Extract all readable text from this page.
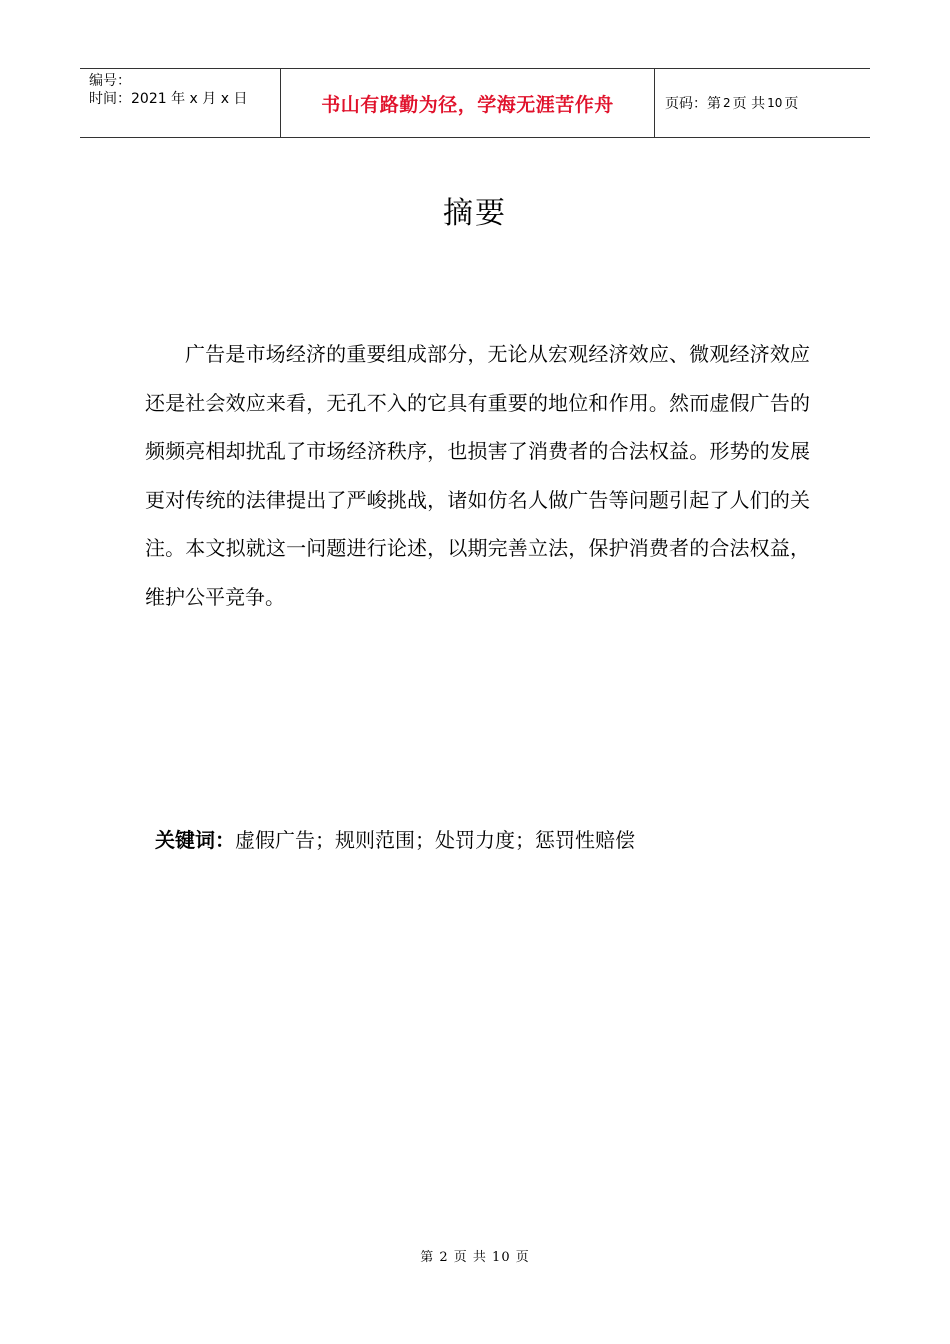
编号：
时间：2021 年 x 月 x 日	书山有路勤为径，学海无涯苦作舟	页码：第 2 页 共 10 页
摘要

广告是市场经济的重要组成部分，无论从宏观经济效应、微观经济效应还是社会效应来看，无孔不入的它具有重要的地位和作用。然而虚假广告的频频亮相却扰乱了市场经济秩序，也损害了消费者的合法权益。形势的发展更对传统的法律提出了严峻挑战，诸如仿名人做广告等问题引起了人们的关注。本文拟就这一问题进行论述，以期完善立法，保护消费者的合法权益，维护公平竞争。

关键词：虚假广告；规则范围；处罚力度；惩罚性赔偿
第 2 页 共 10 页
